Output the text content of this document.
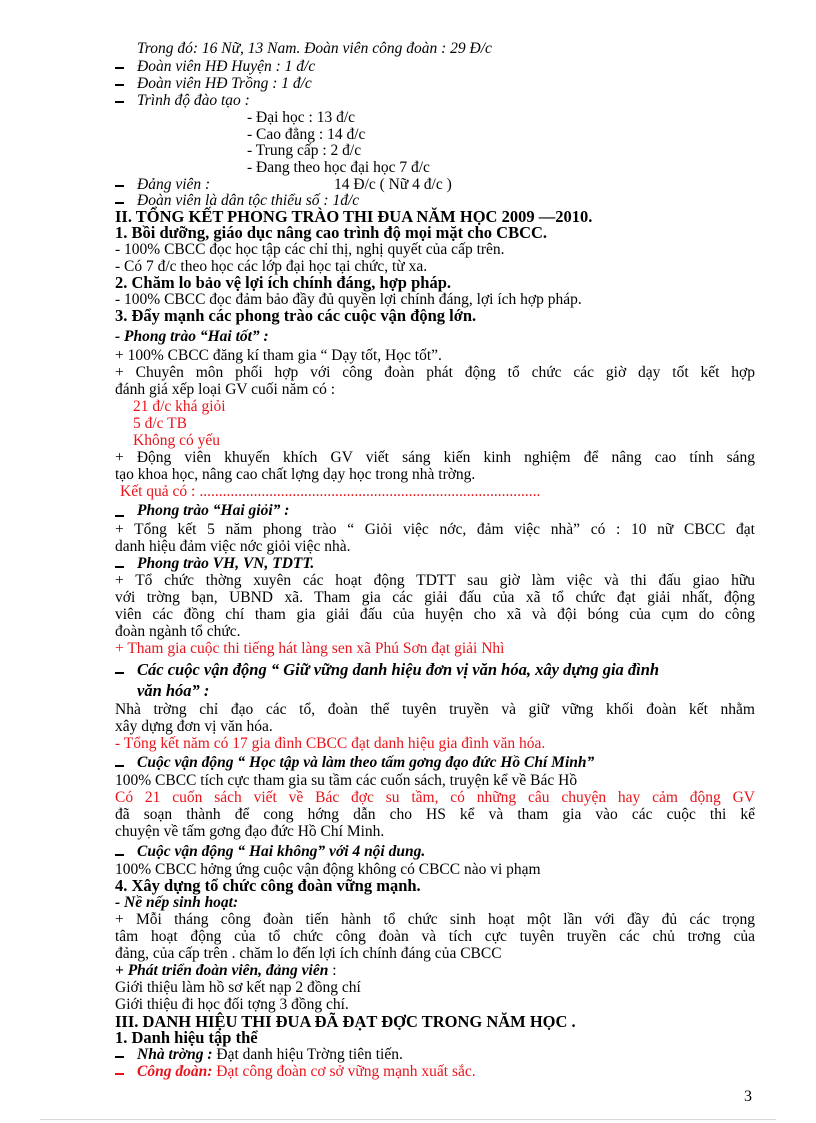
Trong đó: 16 Nữ, 13 Nam. Đoàn viên công đoàn : 29 Đ/c
Đoàn viên HĐ Huyện : 1 đ/c
Đoàn viên HĐ Trồng : 1 đ/c
Trình độ đào tạo :
- Đại học : 13 đ/c
- Cao đẳng : 14 đ/c
- Trung cấp : 2 đ/c
- Đang theo học đại học 7 đ/c
Đảng viên :	14 Đ/c ( Nữ 4 đ/c )
Đoàn viên là dân tộc thiểu số : 1đ/c
II. TỔNG KẾT PHONG TRÀO THI ĐUA NĂM HỌC 2009 —2010.
1. Bồi dưỡng, giáo dục nâng cao trình độ mọi mặt cho CBCC.
- 100% CBCC đọc học tập các chỉ thị, nghị quyết của cấp trên.
- Có 7 đ/c theo học các lớp đại học tại chức, từ xa.
2. Chăm lo bảo vệ lợi ích chính đáng, hợp pháp.
- 100% CBCC đọc đảm bảo đầy đủ quyền lợi chính đáng, lợi ích hợp pháp.
3. Đẩy mạnh các phong trào các cuộc vận động lớn.
- Phong trào “Hai tốt” :
+ 100% CBCC đăng kí tham gia “ Dạy tốt, Học tốt”.
+ Chuyên môn phối hợp với công đoàn phát động tổ chức các giờ dạy tốt kết hợp
đánh giá xếp loại GV cuối năm có :
21 đ/c khá giỏi
5 đ/c TB
Không có yếu
+ Động viên khuyến khích GV viết sáng kiến kinh nghiệm để nâng cao tính sáng
tạo khoa học, nâng cao chất lợng dạy học trong nhà trờng.
Kết quả có : ........................................................................................
Phong trào “Hai giỏi” :
+ Tổng kết 5 năm phong trào “ Giỏi việc nớc, đảm việc nhà” có : 10 nữ CBCC đạt
danh hiệu đảm việc nớc giỏi việc nhà.
Phong trào VH, VN, TDTT.
+ Tổ chức thờng xuyên các hoạt động TDTT sau giờ làm việc và thi đấu giao hữu
với trờng bạn, UBND xã. Tham gia các giải đấu của xã tổ chức đạt giải nhất, động
viên các đồng chí tham gia giải đấu của huyện cho xã và đội bóng của cụm do công
đoàn ngành tổ chức.
+ Tham gia cuộc thi tiếng hát làng sen xã Phú Sơn đạt giải Nhì
Các cuộc vận động “ Giữ vững danh hiệu đơn vị văn hóa, xây dựng gia đình
văn hóa” :
Nhà trờng chỉ đạo các tổ, đoàn thể tuyên truyền và giữ vững khối đoàn kết nhằm
xây dựng đơn vị văn hóa.
- Tổng kết năm có 17 gia đình CBCC đạt danh hiệu gia đình văn hóa.
Cuộc vận động “ Học tập và làm theo tấm gơng đạo đức Hồ Chí Minh”
100% CBCC tích cực tham gia su tầm các cuốn sách, truyện kể về Bác Hồ
Có 21 cuốn sách viết về Bác đợc su tầm, có những câu chuyện hay cảm động GV
đã soạn thành để cong hớng dẫn cho HS kể và tham gia vào các cuộc thi kể
chuyện về tấm gơng đạo đức Hồ Chí Minh.
Cuộc vận động “ Hai không” với 4 nội dung.
100% CBCC hởng ứng cuộc vận động không có CBCC nào vi phạm
4. Xây dựng tổ chức công đoàn vững mạnh.
- Nề nếp sinh hoạt:
+ Mỗi tháng công đoàn tiến hành tổ chức sinh hoạt một lần với đầy đủ các trọng
tâm hoạt động của tổ chức công đoàn và tích cực tuyên truyền các chủ trơng của
đảng, của cấp trên . chăm lo đến lợi ích chính đáng của CBCC
+ Phát triển đoàn viên, đảng viên :
Giới thiệu làm hồ sơ kết nạp 2 đồng chí
Giới thiệu đi học đối tợng 3 đồng chí.
III. DANH HIỆU THI ĐUA ĐÃ ĐẠT ĐỢC TRONG NĂM HỌC .
1. Danh hiệu tập thể
Nhà trờng : Đạt danh hiệu Trờng tiên tiến.
Công đoàn: Đạt công đoàn cơ sở vững mạnh xuất sắc.
3
